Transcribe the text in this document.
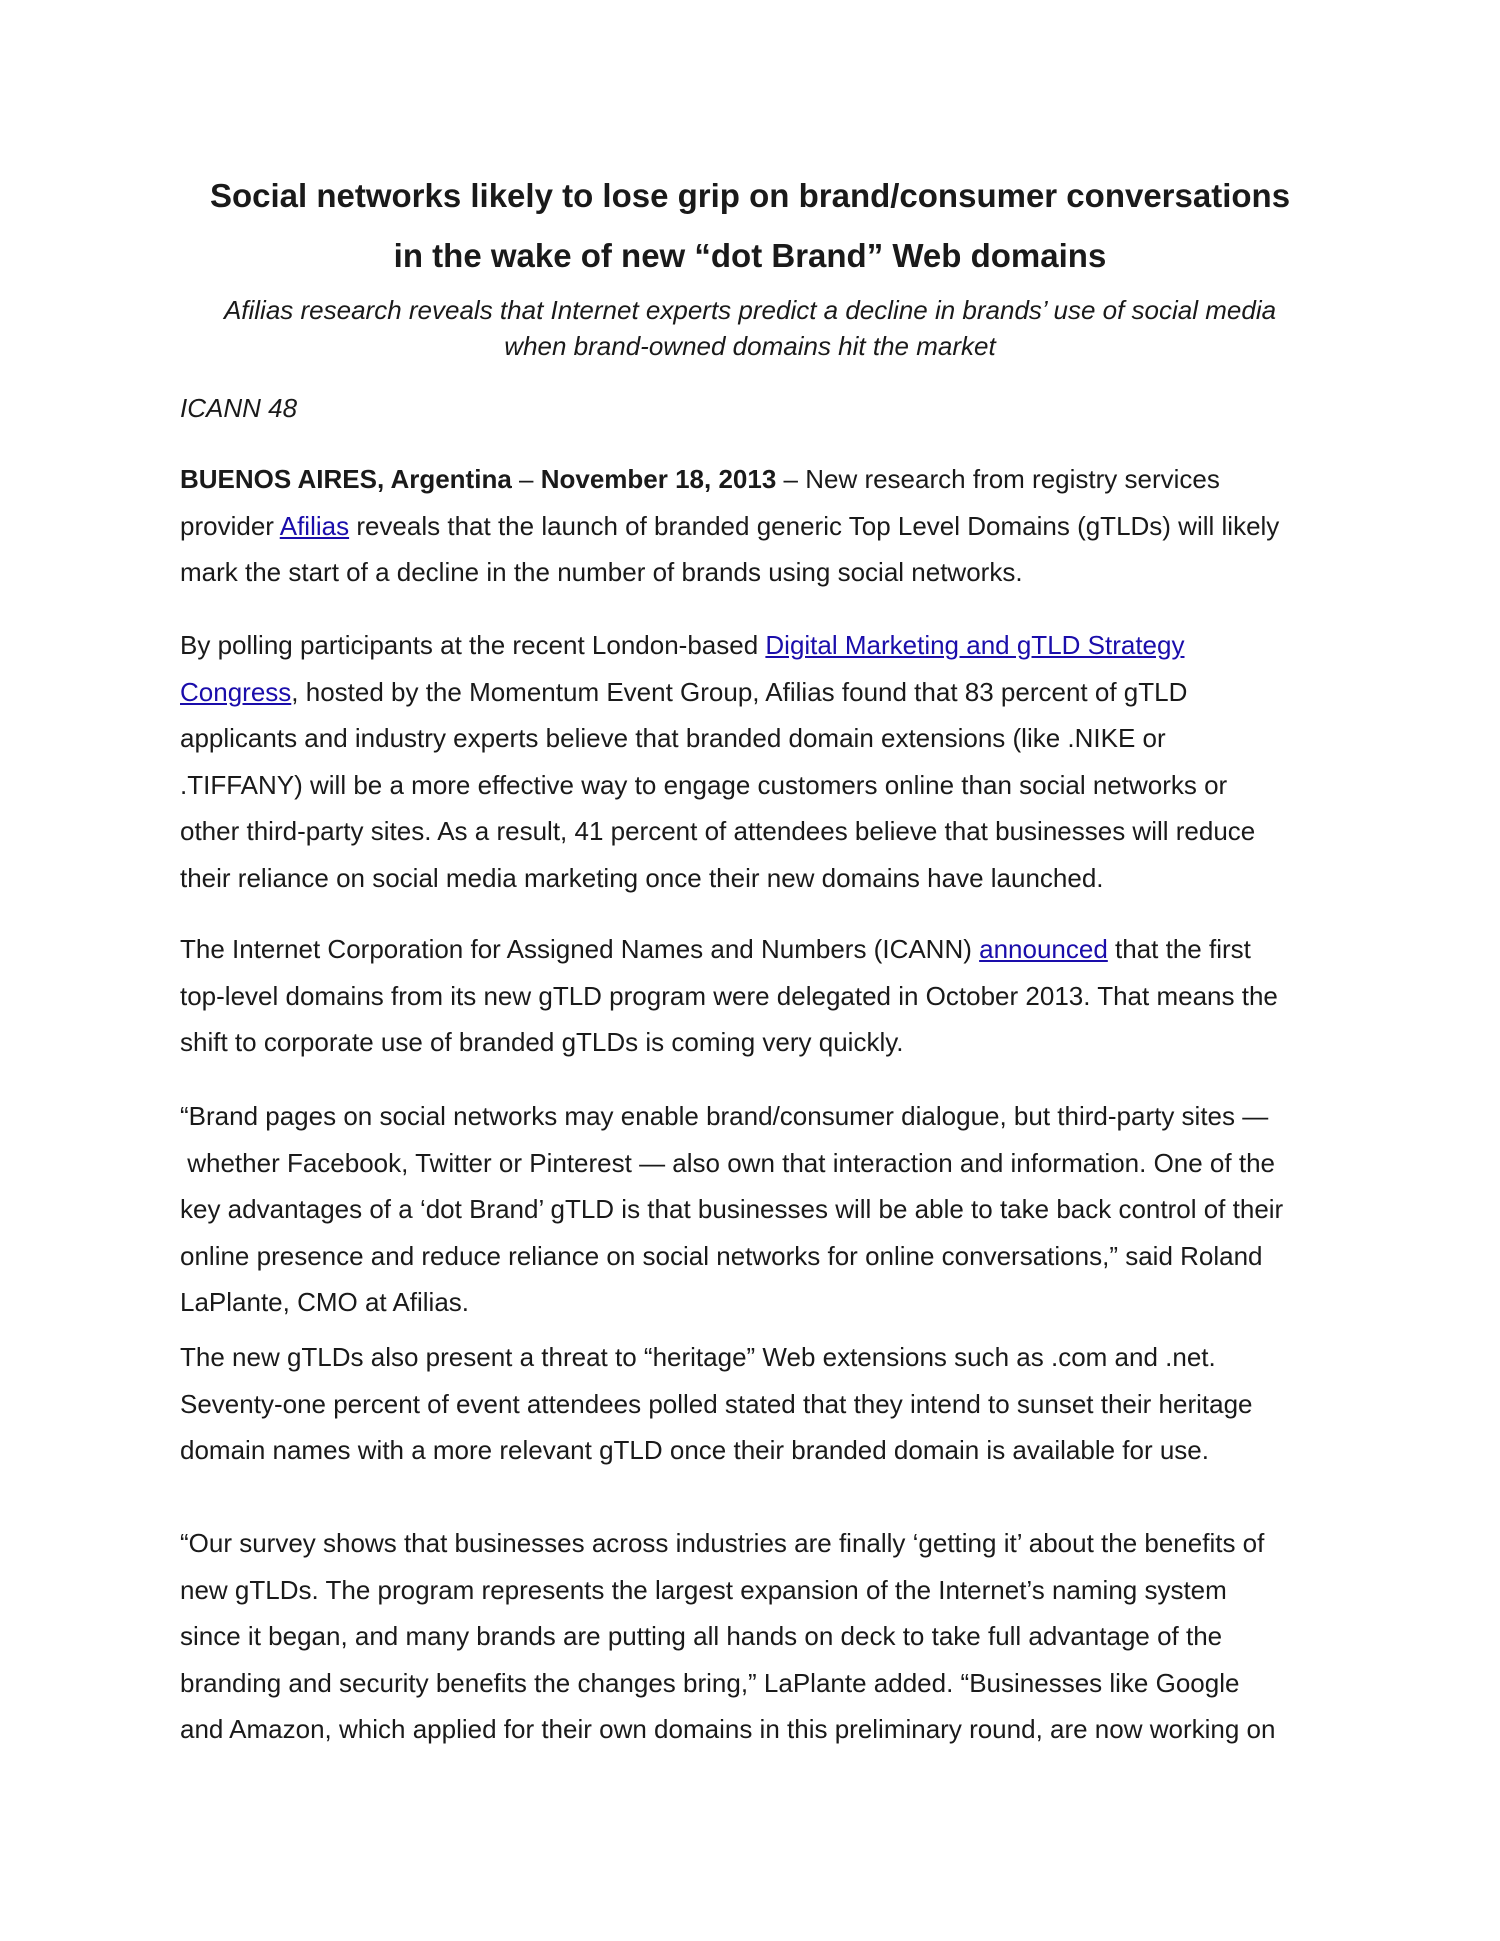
Social networks likely to lose grip on brand/consumer conversations
in the wake of new “dot Brand” Web domains

Afilias research reveals that Internet experts predict a decline in brands’ use of social media
when brand-owned domains hit the market

ICANN 48

BUENOS AIRES, Argentina – November 18, 2013 – New research from registry services
provider Afilias reveals that the launch of branded generic Top Level Domains (gTLDs) will likely
mark the start of a decline in the number of brands using social networks.

By polling participants at the recent London-based Digital Marketing and gTLD Strategy
Congress, hosted by the Momentum Event Group, Afilias found that 83 percent of gTLD
applicants and industry experts believe that branded domain extensions (like .NIKE or
.TIFFANY) will be a more effective way to engage customers online than social networks or
other third-party sites. As a result, 41 percent of attendees believe that businesses will reduce
their reliance on social media marketing once their new domains have launched.

The Internet Corporation for Assigned Names and Numbers (ICANN) announced that the first
top-level domains from its new gTLD program were delegated in October 2013. That means the
shift to corporate use of branded gTLDs is coming very quickly.

“Brand pages on social networks may enable brand/consumer dialogue, but third-party sites —
whether Facebook, Twitter or Pinterest — also own that interaction and information. One of the
key advantages of a ‘dot Brand’ gTLD is that businesses will be able to take back control of their
online presence and reduce reliance on social networks for online conversations,” said Roland
LaPlante, CMO at Afilias.

The new gTLDs also present a threat to “heritage” Web extensions such as .com and .net.
Seventy-one percent of event attendees polled stated that they intend to sunset their heritage
domain names with a more relevant gTLD once their branded domain is available for use.

“Our survey shows that businesses across industries are finally ‘getting it’ about the benefits of
new gTLDs. The program represents the largest expansion of the Internet’s naming system
since it began, and many brands are putting all hands on deck to take full advantage of the
branding and security benefits the changes bring,” LaPlante added. “Businesses like Google
and Amazon, which applied for their own domains in this preliminary round, are now working on
